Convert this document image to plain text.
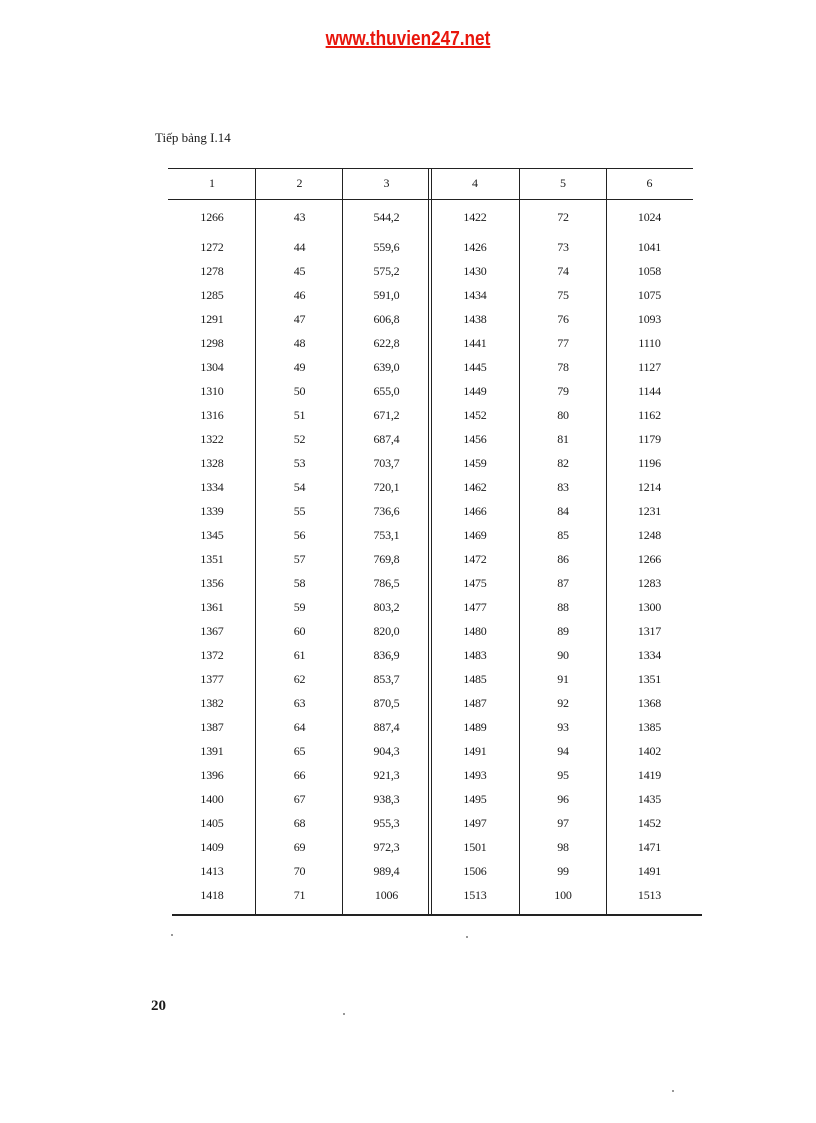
www.thuvien247.net
Tiếp bảng I.14
1	2	3	4	5	6
1266	43	544,2	1422	72	1024
1272	44	559,6	1426	73	1041
1278	45	575,2	1430	74	1058
1285	46	591,0	1434	75	1075
1291	47	606,8	1438	76	1093
1298	48	622,8	1441	77	1110
1304	49	639,0	1445	78	1127
1310	50	655,0	1449	79	1144
1316	51	671,2	1452	80	1162
1322	52	687,4	1456	81	1179
1328	53	703,7	1459	82	1196
1334	54	720,1	1462	83	1214
1339	55	736,6	1466	84	1231
1345	56	753,1	1469	85	1248
1351	57	769,8	1472	86	1266
1356	58	786,5	1475	87	1283
1361	59	803,2	1477	88	1300
1367	60	820,0	1480	89	1317
1372	61	836,9	1483	90	1334
1377	62	853,7	1485	91	1351
1382	63	870,5	1487	92	1368
1387	64	887,4	1489	93	1385
1391	65	904,3	1491	94	1402
1396	66	921,3	1493	95	1419
1400	67	938,3	1495	96	1435
1405	68	955,3	1497	97	1452
1409	69	972,3	1501	98	1471
1413	70	989,4	1506	99	1491
1418	71	1006	1513	100	1513
20
